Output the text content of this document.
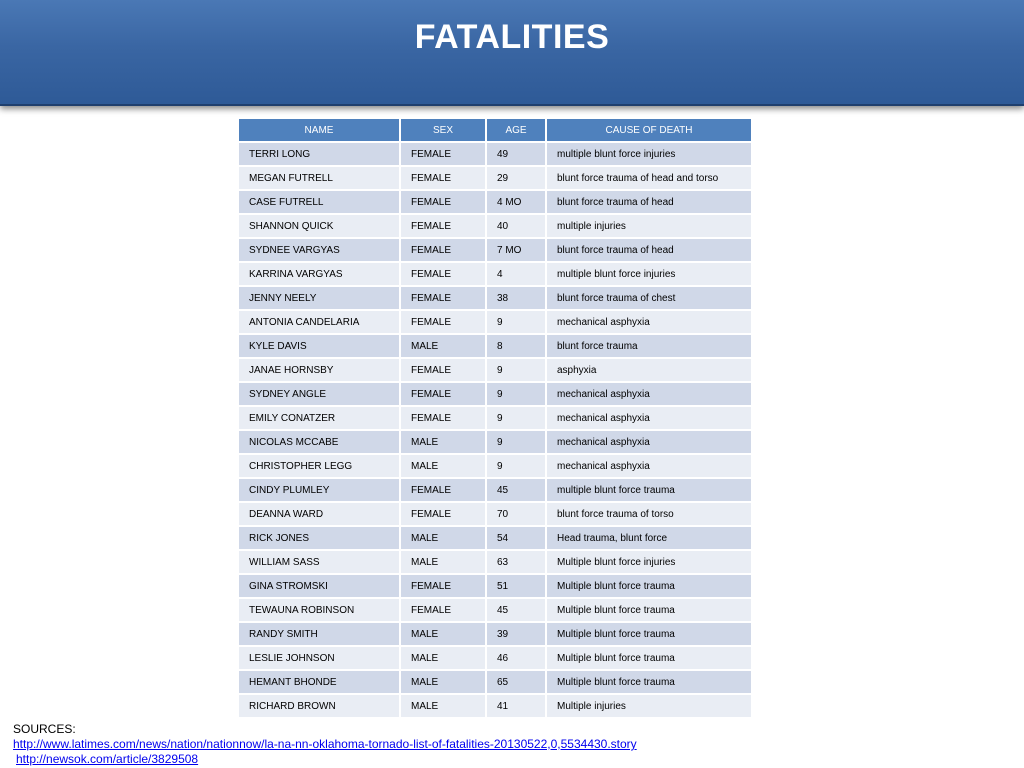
FATALITIES
NAME	SEX	AGE	CAUSE OF DEATH
TERRI LONG	FEMALE	49	multiple blunt force injuries
MEGAN FUTRELL	FEMALE	29	blunt force trauma of head and torso
CASE FUTRELL	FEMALE	4 MO	blunt force trauma of head
SHANNON QUICK	FEMALE	40	multiple injuries
SYDNEE VARGYAS	FEMALE	7 MO	blunt force trauma of head
KARRINA VARGYAS	FEMALE	4	multiple blunt force injuries
JENNY NEELY	FEMALE	38	blunt force trauma of chest
ANTONIA CANDELARIA	FEMALE	9	mechanical asphyxia
KYLE DAVIS	MALE	8	blunt force trauma
JANAE HORNSBY	FEMALE	9	asphyxia
SYDNEY ANGLE	FEMALE	9	mechanical asphyxia
EMILY CONATZER	FEMALE	9	mechanical asphyxia
NICOLAS MCCABE	MALE	9	mechanical asphyxia
CHRISTOPHER LEGG	MALE	9	mechanical asphyxia
CINDY PLUMLEY	FEMALE	45	multiple blunt force trauma
DEANNA WARD	FEMALE	70	blunt force trauma of torso
RICK JONES	MALE	54	Head trauma, blunt force
WILLIAM SASS	MALE	63	Multiple blunt force injuries
GINA STROMSKI	FEMALE	51	Multiple blunt force trauma
TEWAUNA ROBINSON	FEMALE	45	Multiple blunt force trauma
RANDY SMITH	MALE	39	Multiple blunt force trauma
LESLIE JOHNSON	MALE	46	Multiple blunt force trauma
HEMANT BHONDE	MALE	65	Multiple blunt force trauma
RICHARD BROWN	MALE	41	Multiple injuries
SOURCES:
http://www.latimes.com/news/nation/nationnow/la-na-nn-oklahoma-tornado-list-of-fatalities-20130522,0,5534430.story
http://newsok.com/article/3829508
